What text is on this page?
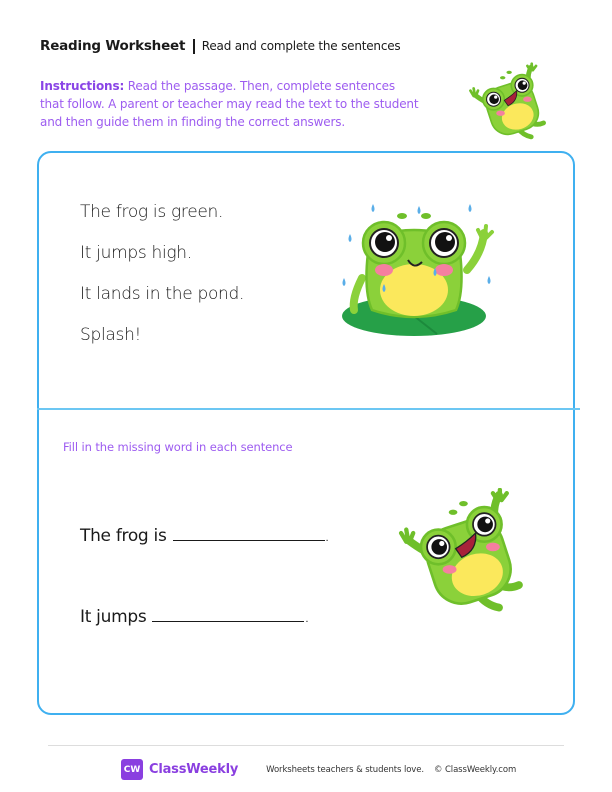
Reading Worksheet Read and complete the sentences
Instructions: Read the passage. Then, complete sentences that follow. A parent or teacher may read the text to the student and then guide them in finding the correct answers.
The frog is green.
It jumps high.
It lands in the pond.
Splash!
Fill in the missing word in each sentence
The frog is	.
It jumps	.
CW ClassWeekly	Worksheets teachers & students love. © ClassWeekly.com
